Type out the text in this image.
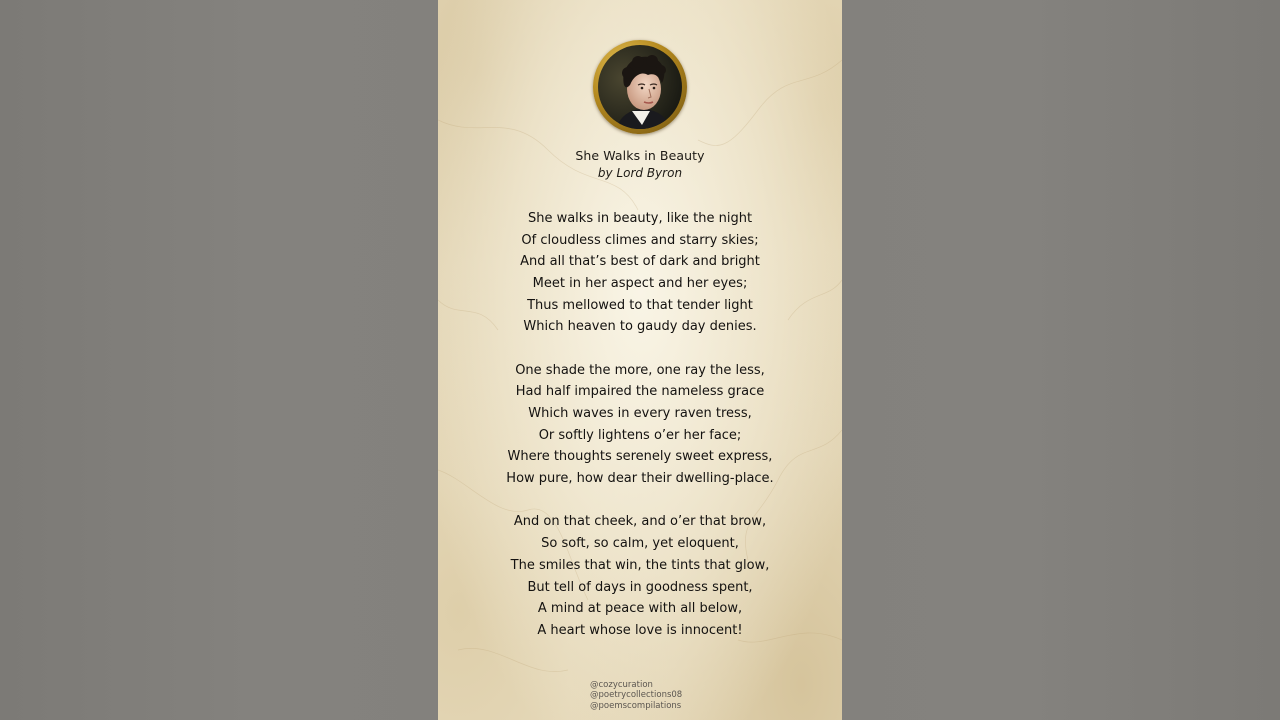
She Walks in Beauty
by Lord Byron
She walks in beauty, like the night
Of cloudless climes and starry skies;
And all that’s best of dark and bright
Meet in her aspect and her eyes;
Thus mellowed to that tender light
Which heaven to gaudy day denies.
One shade the more, one ray the less,
Had half impaired the nameless grace
Which waves in every raven tress,
Or softly lightens o’er her face;
Where thoughts serenely sweet express,
How pure, how dear their dwelling-place.
And on that cheek, and o’er that brow,
So soft, so calm, yet eloquent,
The smiles that win, the tints that glow,
But tell of days in goodness spent,
A mind at peace with all below,
A heart whose love is innocent!
@cozycuration
@poetrycollections08
@poemscompilations
